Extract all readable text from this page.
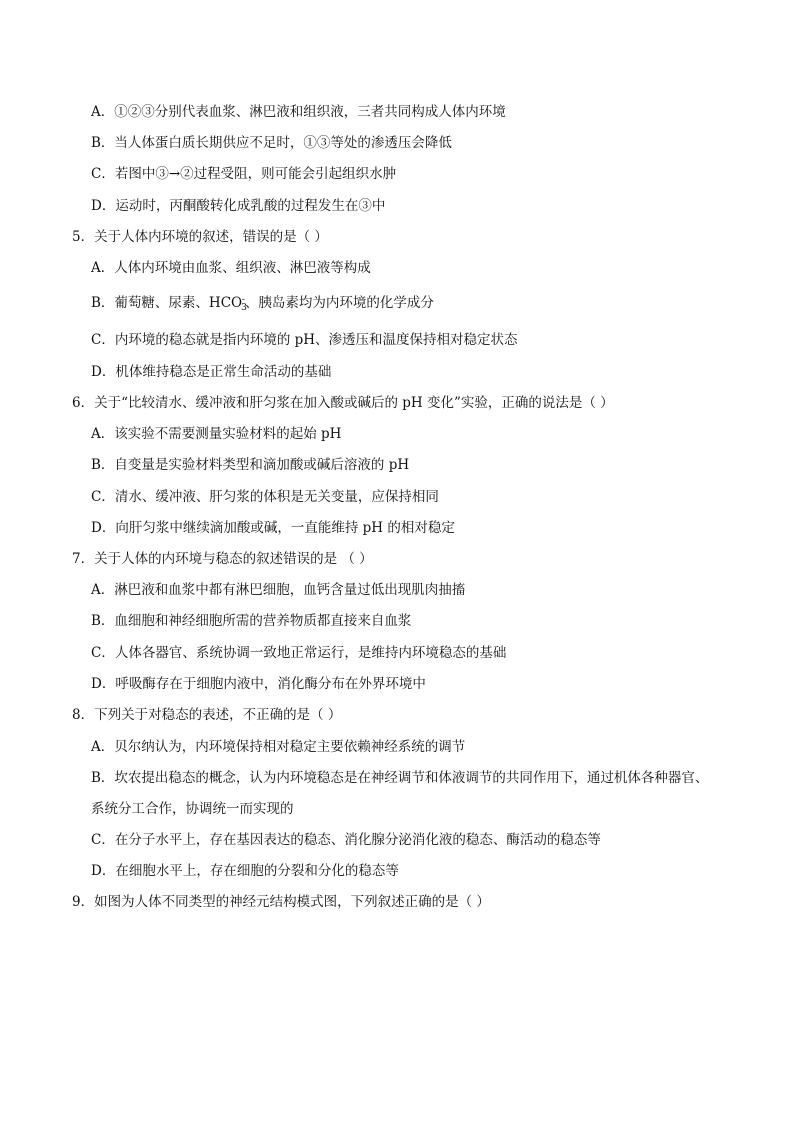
A．①②③分别代表血浆、淋巴液和组织液，三者共同构成人体内环境
B．当人体蛋白质长期供应不足时，①③等处的渗透压会降低
C．若图中③→②过程受阻，则可能会引起组织水肿
D．运动时，丙酮酸转化成乳酸的过程发生在③中
5．关于人体内环境的叙述，错误的是（ ）
A．人体内环境由血浆、组织液、淋巴液等构成
B．葡萄糖、尿素、$HCO_3^-$、胰岛素均为内环境的化学成分
C．内环境的稳态就是指内环境的 pH、渗透压和温度保持相对稳定状态
D．机体维持稳态是正常生命活动的基础
6．关于“比较清水、缓冲液和肝匀浆在加入酸或碱后的 pH 变化”实验，正确的说法是（ ）
A．该实验不需要测量实验材料的起始 pH
B．自变量是实验材料类型和滴加酸或碱后溶液的 pH
C．清水、缓冲液、肝匀浆的体积是无关变量，应保持相同
D．向肝匀浆中继续滴加酸或碱，一直能维持 pH 的相对稳定
7．关于人体的内环境与稳态的叙述错误的是 （ ）
A．淋巴液和血浆中都有淋巴细胞，血钙含量过低出现肌肉抽搐
B．血细胞和神经细胞所需的营养物质都直接来自血浆
C．人体各器官、系统协调一致地正常运行，是维持内环境稳态的基础
D．呼吸酶存在于细胞内液中，消化酶分布在外界环境中
8．下列关于对稳态的表述，不正确的是（ ）
A．贝尔纳认为，内环境保持相对稳定主要依赖神经系统的调节
B．坎农提出稳态的概念，认为内环境稳态是在神经调节和体液调节的共同作用下，通过机体各种器官、
系统分工合作，协调统一而实现的
C．在分子水平上，存在基因表达的稳态、消化腺分泌消化液的稳态、酶活动的稳态等
D．在细胞水平上，存在细胞的分裂和分化的稳态等
9．如图为人体不同类型的神经元结构模式图，下列叙述正确的是（ ）
